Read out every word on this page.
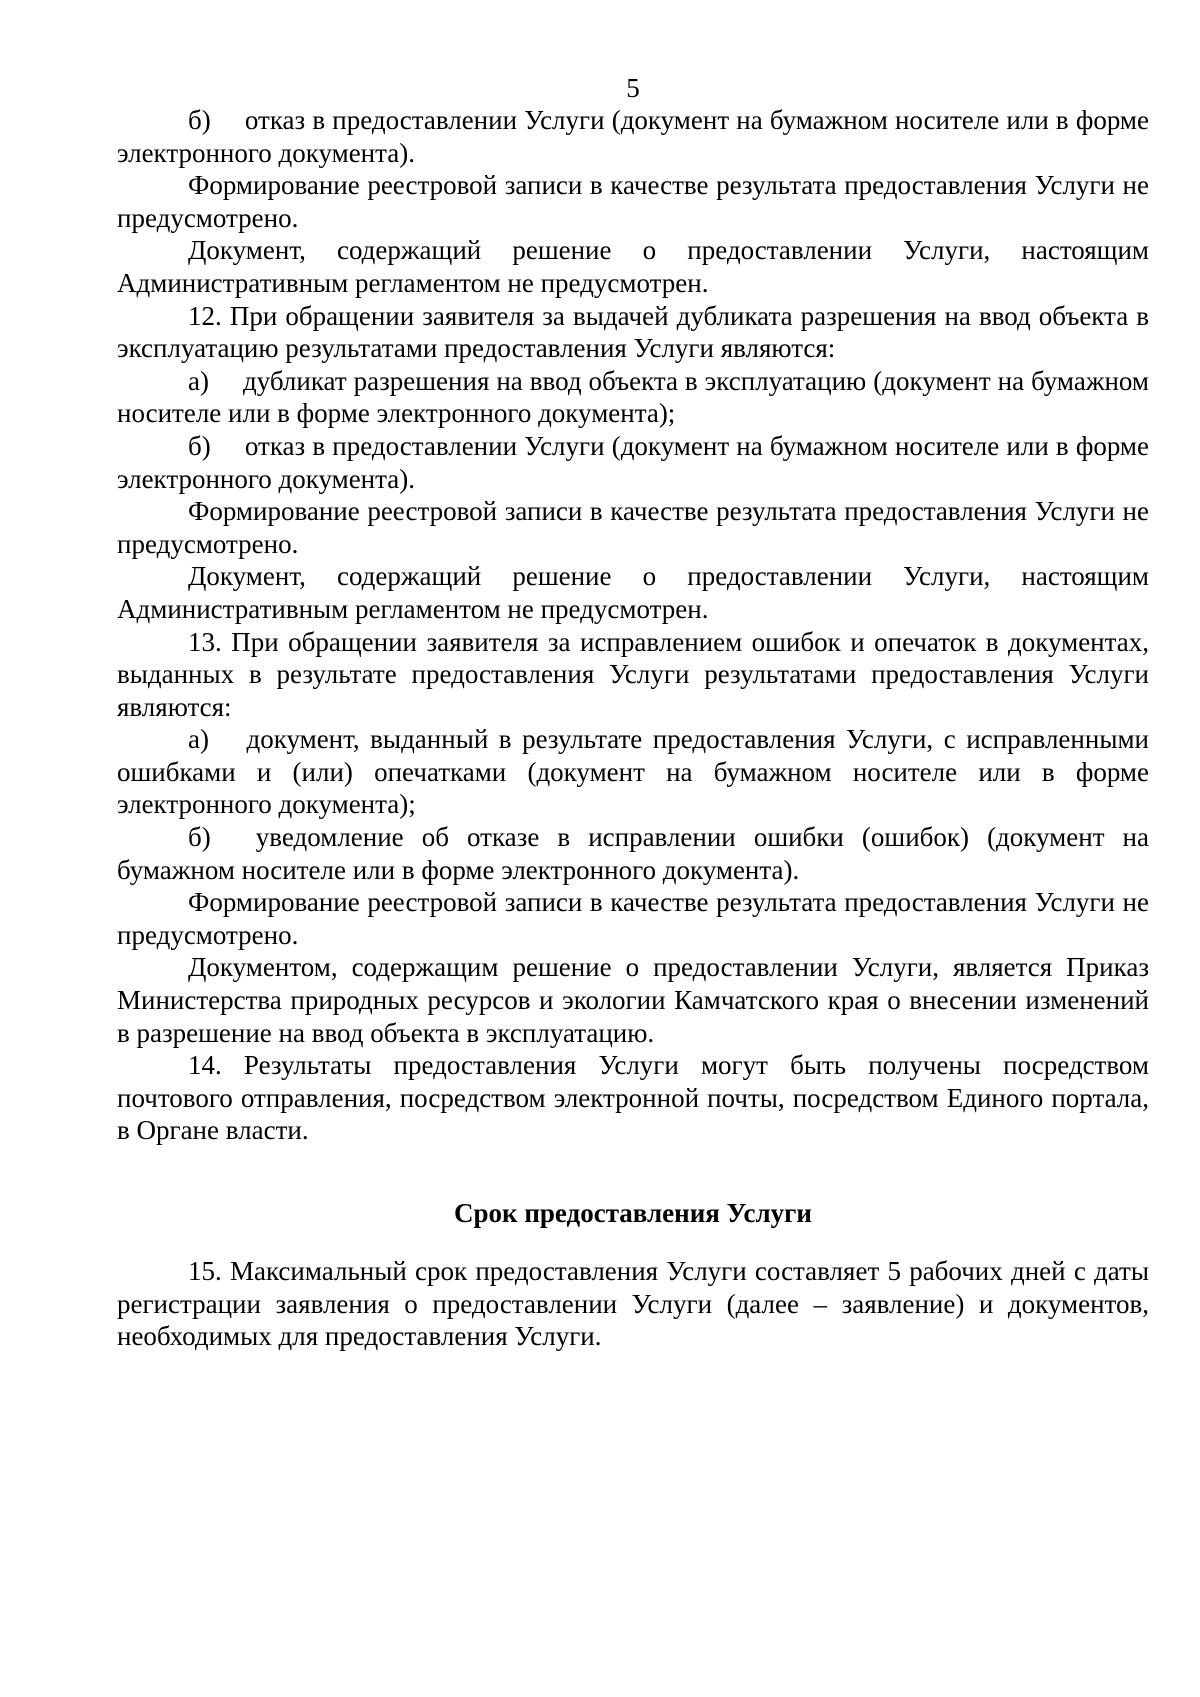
5

б)  отказ в предоставлении Услуги (документ на бумажном носителе или в форме электронного документа).

Формирование реестровой записи в качестве результата предоставления Услуги не предусмотрено.

Документ, содержащий решение о предоставлении Услуги, настоящим Административным регламентом не предусмотрен.

12. При обращении заявителя за выдачей дубликата разрешения на ввод объекта в эксплуатацию результатами предоставления Услуги являются:

а)  дубликат разрешения на ввод объекта в эксплуатацию (документ на бумажном носителе или в форме электронного документа);

б)  отказ в предоставлении Услуги (документ на бумажном носителе или в форме электронного документа).

Формирование реестровой записи в качестве результата предоставления Услуги не предусмотрено.

Документ, содержащий решение о предоставлении Услуги, настоящим Административным регламентом не предусмотрен.

13. При обращении заявителя за исправлением ошибок и опечаток в документах, выданных в результате предоставления Услуги результатами предоставления Услуги являются:

а)  документ, выданный в результате предоставления Услуги, с исправленными ошибками и (или) опечатками (документ на бумажном носителе или в форме электронного документа);

б)  уведомление об отказе в исправлении ошибки (ошибок) (документ на бумажном носителе или в форме электронного документа).

Формирование реестровой записи в качестве результата предоставления Услуги не предусмотрено.

Документом, содержащим решение о предоставлении Услуги, является Приказ Министерства природных ресурсов и экологии Камчатского края о внесении изменений в разрешение на ввод объекта в эксплуатацию.

14. Результаты предоставления Услуги могут быть получены посредством почтового отправления, посредством электронной почты, посредством Единого портала, в Органе власти.

Срок предоставления Услуги

15. Максимальный срок предоставления Услуги составляет 5 рабочих дней с даты регистрации заявления о предоставлении Услуги (далее – заявление) и документов, необходимых для предоставления Услуги.
